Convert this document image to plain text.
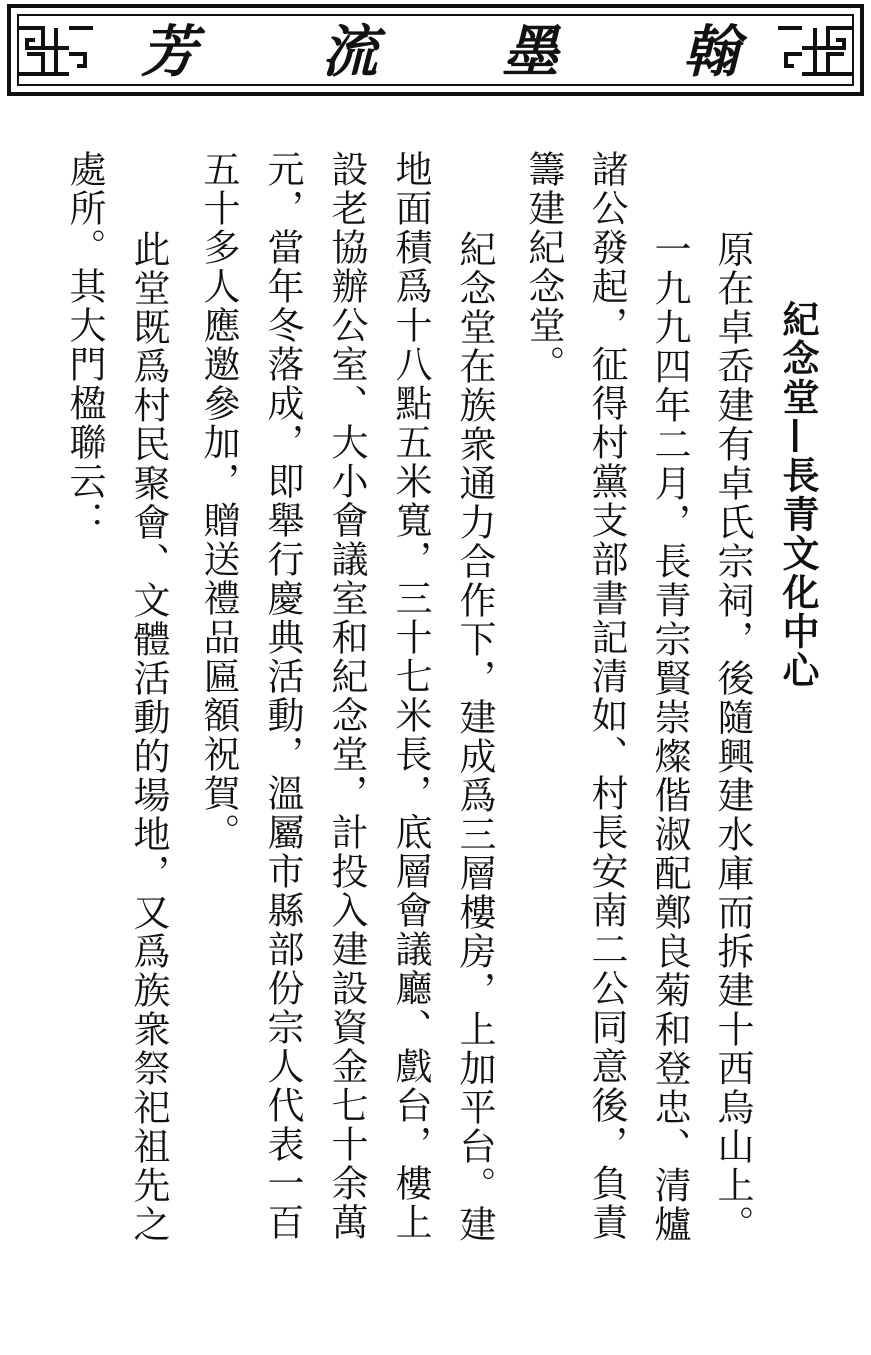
翰
墨
流
芳
紀念堂—長青文化中心
原在卓岙建有卓氏宗祠，後隨興建水庫而拆建十西烏山上。
一九九四年二月，長青宗賢崇燦偕淑配鄭良菊和登忠、清爐
諸公發起，征得村黨支部書記清如、村長安南二公同意後，負責
籌建紀念堂。
紀念堂在族衆通力合作下，建成爲三層樓房，上加平台。建
地面積爲十八點五米寬，三十七米長，底層會議廳、戲台，樓上
設老協辦公室、大小會議室和紀念堂，計投入建設資金七十余萬
元，當年冬落成，即舉行慶典活動，溫屬市縣部份宗人代表一百
五十多人應邀參加，贈送禮品匾額祝賀。
此堂既爲村民聚會、文體活動的場地，又爲族衆祭祀祖先之
處所。其大門楹聯云：
